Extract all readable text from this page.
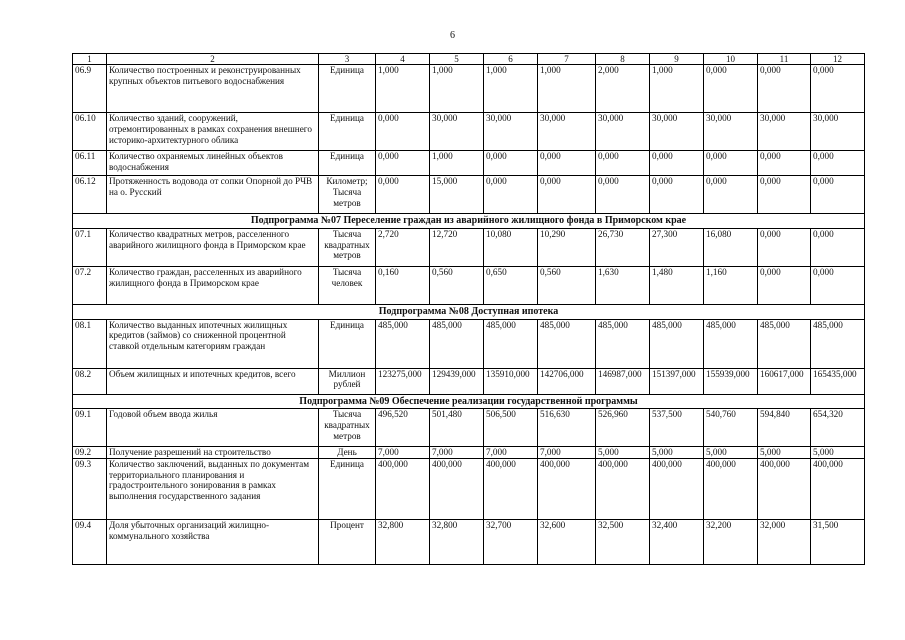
6
1	2	3	4	5	6	7	8	9	10	11	12
06.9	Количество построенных и реконструированных крупных объектов питьевого водоснабжения	Единица	1,000	1,000	1,000	1,000	2,000	1,000	0,000	0,000	0,000
06.10	Количество зданий, сооружений, отремонтированных в рамках сохранения внешнего историко-архитектурного облика	Единица	0,000	30,000	30,000	30,000	30,000	30,000	30,000	30,000	30,000
06.11	Количество охраняемых линейных объектов водоснабжения	Единица	0,000	1,000	0,000	0,000	0,000	0,000	0,000	0,000	0,000
06.12	Протяженность водовода от сопки Опорной до РЧВ на о. Русский	Километр; Тысяча метров	0,000	15,000	0,000	0,000	0,000	0,000	0,000	0,000	0,000
Подпрограмма №07 Переселение граждан из аварийного жилищного фонда в Приморском крае											
07.1	Количество квадратных метров, расселенного аварийного жилищного фонда в Приморском крае	Тысяча квадратных метров	2,720	12,720	10,080	10,290	26,730	27,300	16,080	0,000	0,000
07.2	Количество граждан, расселенных из аварийного жилищного фонда в Приморском крае	Тысяча человек	0,160	0,560	0,650	0,560	1,630	1,480	1,160	0,000	0,000
Подпрограмма №08 Доступная ипотека											
08.1	Количество выданных ипотечных жилищных кредитов (займов) со сниженной процентной ставкой отдельным категориям граждан	Единица	485,000	485,000	485,000	485,000	485,000	485,000	485,000	485,000	485,000
08.2	Объем жилищных и ипотечных кредитов, всего	Миллион рублей	123275,000	129439,000	135910,000	142706,000	146987,000	151397,000	155939,000	160617,000	165435,000
Подпрограмма №09 Обеспечение реализации государственной программы											
09.1	Годовой объем ввода жилья	Тысяча квадратных метров	496,520	501,480	506,500	516,630	526,960	537,500	540,760	594,840	654,320
09.2	Получение разрешений на строительство	День	7,000	7,000	7,000	7,000	5,000	5,000	5,000	5,000	5,000
09.3	Количество заключений, выданных по документам территориального планирования и градостроительного зонирования в рамках выполнения государственного задания	Единица	400,000	400,000	400,000	400,000	400,000	400,000	400,000	400,000	400,000
09.4	Доля убыточных организаций жилищно-коммунального хозяйства	Процент	32,800	32,800	32,700	32,600	32,500	32,400	32,200	32,000	31,500
